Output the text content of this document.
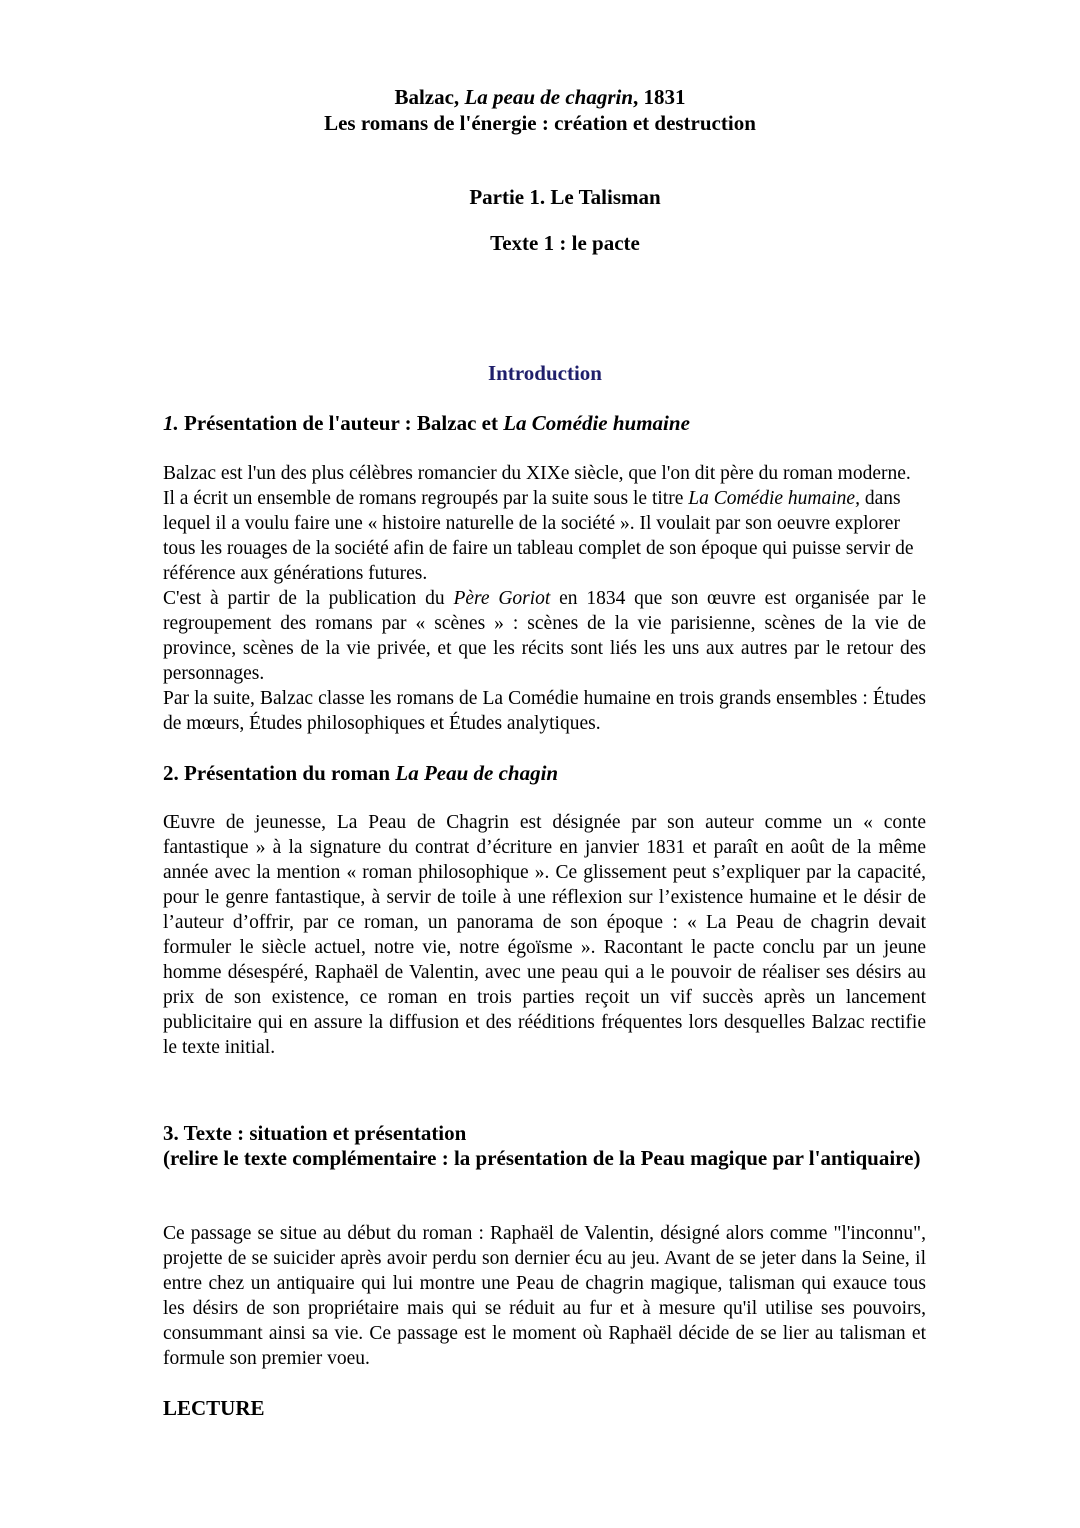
Balzac, La peau de chagrin, 1831
Les romans de l'énergie : création et destruction
Partie 1. Le Talisman
Texte 1 : le pacte
Introduction
1. Présentation de l'auteur : Balzac et La Comédie humaine

Balzac est l'un des plus célèbres romancier du XIXe siècle, que l'on dit père du roman moderne. Il a écrit un ensemble de romans regroupés par la suite sous le titre La Comédie humaine, dans lequel il a voulu faire une « histoire naturelle de la société ». Il voulait par son oeuvre explorer tous les rouages de la société afin de faire un tableau complet de son époque qui puisse servir de référence aux générations futures.

C'est à partir de la publication du Père Goriot en 1834 que son œuvre est organisée par le regroupement des romans par « scènes » : scènes de la vie parisienne, scènes de la vie de province, scènes de la vie privée, et que les récits sont liés les uns aux autres par le retour des personnages.

Par la suite, Balzac classe les romans de La Comédie humaine en trois grands ensembles : Études de mœurs, Études philosophiques et Études analytiques.

2. Présentation du roman La Peau de chagin

Œuvre de jeunesse, La Peau de Chagrin est désignée par son auteur comme un « conte fantastique » à la signature du contrat d’écriture en janvier 1831 et paraît en août de la même année avec la mention « roman philosophique ». Ce glissement peut s’expliquer par la capacité, pour le genre fantastique, à servir de toile à une réflexion sur l’existence humaine et le désir de l’auteur d’offrir, par ce roman, un panorama de son époque : « La Peau de chagrin devait formuler le siècle actuel, notre vie, notre égoïsme ». Racontant le pacte conclu par un jeune homme désespéré, Raphaël de Valentin, avec une peau qui a le pouvoir de réaliser ses désirs au prix de son existence, ce roman en trois parties reçoit un vif succès après un lancement publicitaire qui en assure la diffusion et des rééditions fréquentes lors desquelles Balzac rectifie le texte initial.

3. Texte : situation et présentation
(relire le texte complémentaire : la présentation de la Peau magique par l'antiquaire)

Ce passage se situe au début du roman : Raphaël de Valentin, désigné alors comme "l'inconnu", projette de se suicider après avoir perdu son dernier écu au jeu. Avant de se jeter dans la Seine, il entre chez un antiquaire qui lui montre une Peau de chagrin magique, talisman qui exauce tous les désirs de son propriétaire mais qui se réduit au fur et à mesure qu'il utilise ses pouvoirs, consummant ainsi sa vie. Ce passage est le moment où Raphaël décide de se lier au talisman et formule son premier voeu.

LECTURE
